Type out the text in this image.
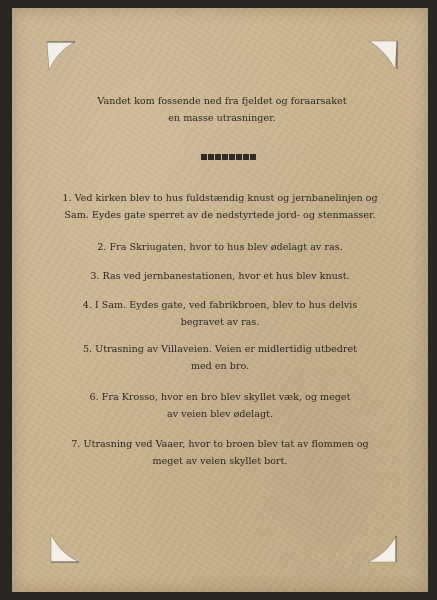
Vandet kom fossende ned fra fjeldet og foraarsaket
en masse utrasninger.

1. Ved kirken blev to hus fuldstændig knust og jernbanelinjen og
Sam. Eydes gate sperret av de nedstyrtede jord- og stenmasser.

2. Fra Skriugaten, hvor to hus blev ødelagt av ras.

3. Ras ved jernbanestationen, hvor et hus blev knust.

4. I Sam. Eydes gate, ved fabrikbroen, blev to hus delvis
begravet av ras.

5. Utrasning av Villaveien. Veien er midlertidig utbedret
med en bro.

6. Fra Krosso, hvor en bro blev skyllet væk, og meget
av veien blev ødelagt.

7. Utrasning ved Vaaer, hvor to broen blev tat av flommen og
meget av veien skyllet bort.
